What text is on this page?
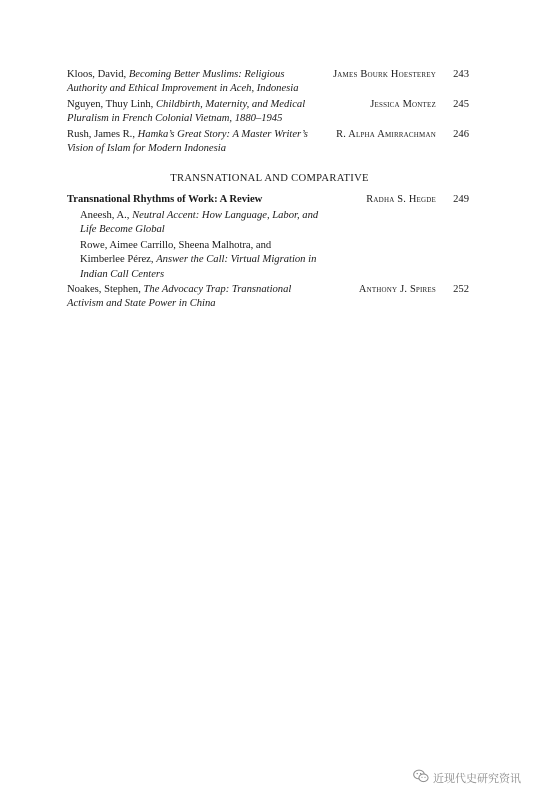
Kloos, David, Becoming Better Muslims: Religious
Authority and Ethical Improvement in Aceh, Indonesia
James Bourk Hoesterey 243
Nguyen, Thuy Linh, Childbirth, Maternity, and Medical
Pluralism in French Colonial Vietnam, 1880–1945
Jessica Montez 245
Rush, James R., Hamka’s Great Story: A Master Writer’s
Vision of Islam for Modern Indonesia
R. Alpha Amirrachman 246
TRANSNATIONAL AND COMPARATIVE
Transnational Rhythms of Work: A Review	Radha S. Hegde 249
Aneesh, A., Neutral Accent: How Language, Labor, and
Life Become Global
Rowe, Aimee Carrillo, Sheena Malhotra, and
Kimberlee Pérez, Answer the Call: Virtual Migration in
Indian Call Centers
Noakes, Stephen, The Advocacy Trap: Transnational
Activism and State Power in China
Anthony J. Spires 252
近现代史研究资讯
